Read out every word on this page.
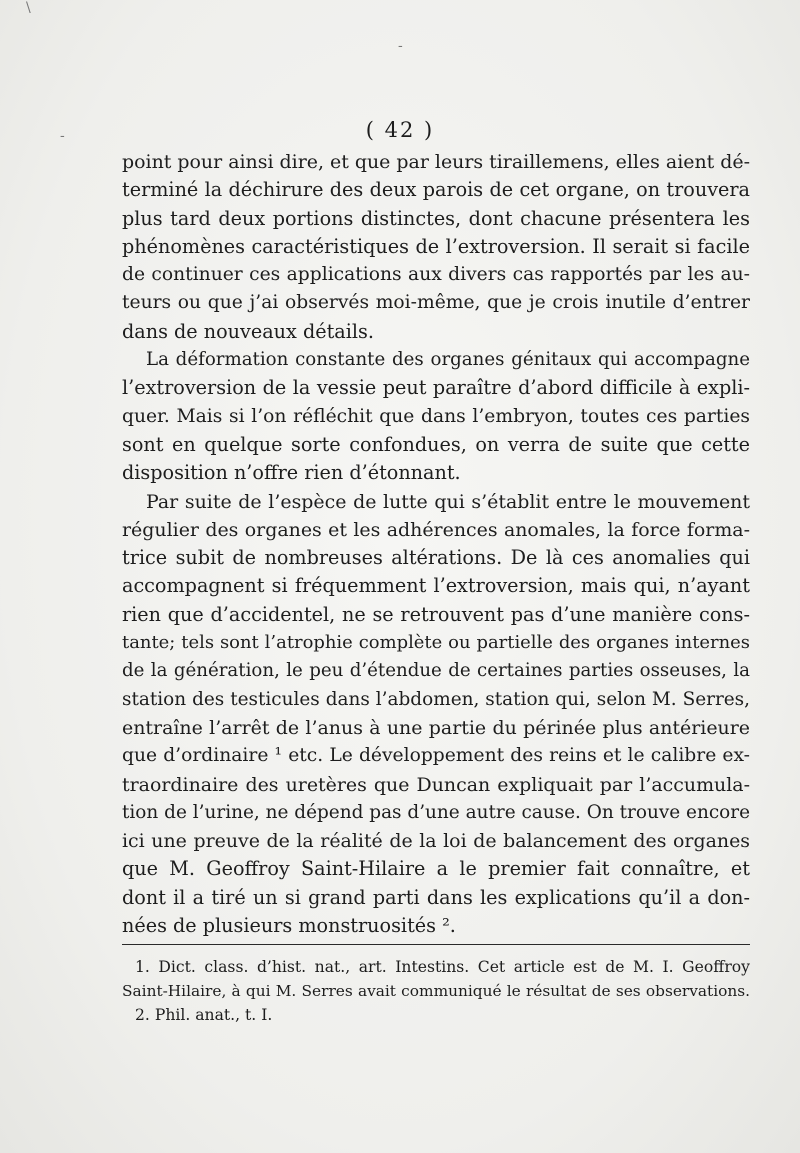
\
-
-
( 42 )
point pour ainsi dire, et que par leurs tiraillemens, elles aient dé-
terminé la déchirure des deux parois de cet organe, on trouvera
plus tard deux portions distinctes, dont chacune présentera les
phénomènes caractéristiques de l’extroversion. Il serait si facile
de continuer ces applications aux divers cas rapportés par les au-
teurs ou que j’ai observés moi-même, que je crois inutile d’entrer
dans de nouveaux détails.
La déformation constante des organes génitaux qui accompagne
l’extroversion de la vessie peut paraître d’abord difficile à expli-
quer. Mais si l’on réfléchit que dans l’embryon, toutes ces parties
sont en quelque sorte confondues, on verra de suite que cette
disposition n’offre rien d’étonnant.
Par suite de l’espèce de lutte qui s’établit entre le mouvement
régulier des organes et les adhérences anomales, la force forma-
trice subit de nombreuses altérations. De là ces anomalies qui
accompagnent si fréquemment l’extroversion, mais qui, n’ayant
rien que d’accidentel, ne se retrouvent pas d’une manière cons-
tante; tels sont l’atrophie complète ou partielle des organes internes
de la génération, le peu d’étendue de certaines parties osseuses, la
station des testicules dans l’abdomen, station qui, selon M. Serres,
entraîne l’arrêt de l’anus à une partie du périnée plus antérieure
que d’ordinaire ¹ etc. Le développement des reins et le calibre ex-
traordinaire des uretères que Duncan expliquait par l’accumula-
tion de l’urine, ne dépend pas d’une autre cause. On trouve encore
ici une preuve de la réalité de la loi de balancement des organes
que M. Geoffroy Saint-Hilaire a le premier fait connaître, et
dont il a tiré un si grand parti dans les explications qu’il a don-
nées de plusieurs monstruosités ².
1. Dict. class. d’hist. nat., art. Intestins. Cet article est de M. I. Geoffroy
Saint-Hilaire, à qui M. Serres avait communiqué le résultat de ses observations.
2. Phil. anat., t. I.
